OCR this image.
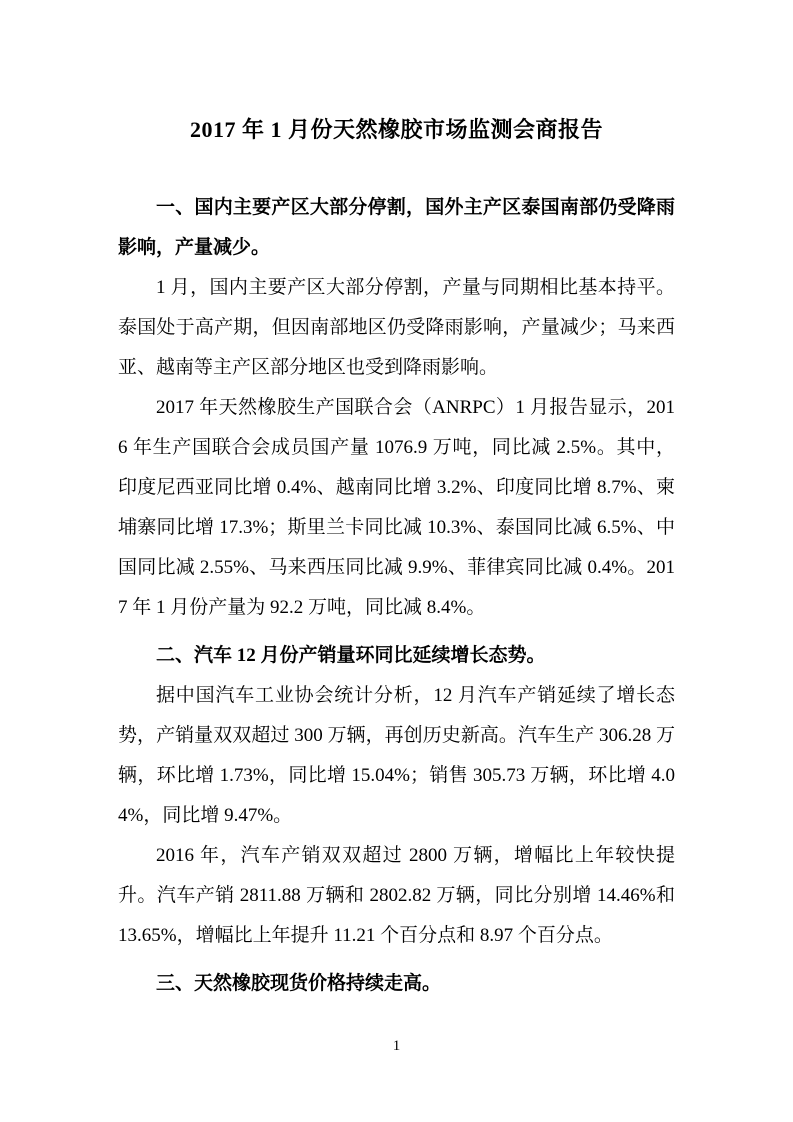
2017 年 1 月份天然橡胶市场监测会商报告

一、国内主要产区大部分停割，国外主产区泰国南部仍受降雨影响，产量减少。

1 月，国内主要产区大部分停割，产量与同期相比基本持平。泰国处于高产期，但因南部地区仍受降雨影响，产量减少；马来西亚、越南等主产区部分地区也受到降雨影响。

2017 年天然橡胶生产国联合会（ANRPC）1 月报告显示，2016 年生产国联合会成员国产量 1076.9 万吨，同比减 2.5%。其中，印度尼西亚同比增 0.4%、越南同比增 3.2%、印度同比增 8.7%、柬埔寨同比增 17.3%；斯里兰卡同比减 10.3%、泰国同比减 6.5%、中国同比减 2.55%、马来西压同比减 9.9%、菲律宾同比减 0.4%。2017 年 1 月份产量为 92.2 万吨，同比减 8.4%。

二、汽车 12 月份产销量环同比延续增长态势。

据中国汽车工业协会统计分析，12 月汽车产销延续了增长态势，产销量双双超过 300 万辆，再创历史新高。汽车生产 306.28 万辆，环比增 1.73%，同比增 15.04%；销售 305.73 万辆，环比增 4.04%，同比增 9.47%。

2016 年，汽车产销双双超过 2800 万辆，增幅比上年较快提升。汽车产销 2811.88 万辆和 2802.82 万辆，同比分别增 14.46%和 13.65%，增幅比上年提升 11.21 个百分点和 8.97 个百分点。

三、天然橡胶现货价格持续走高。

1
